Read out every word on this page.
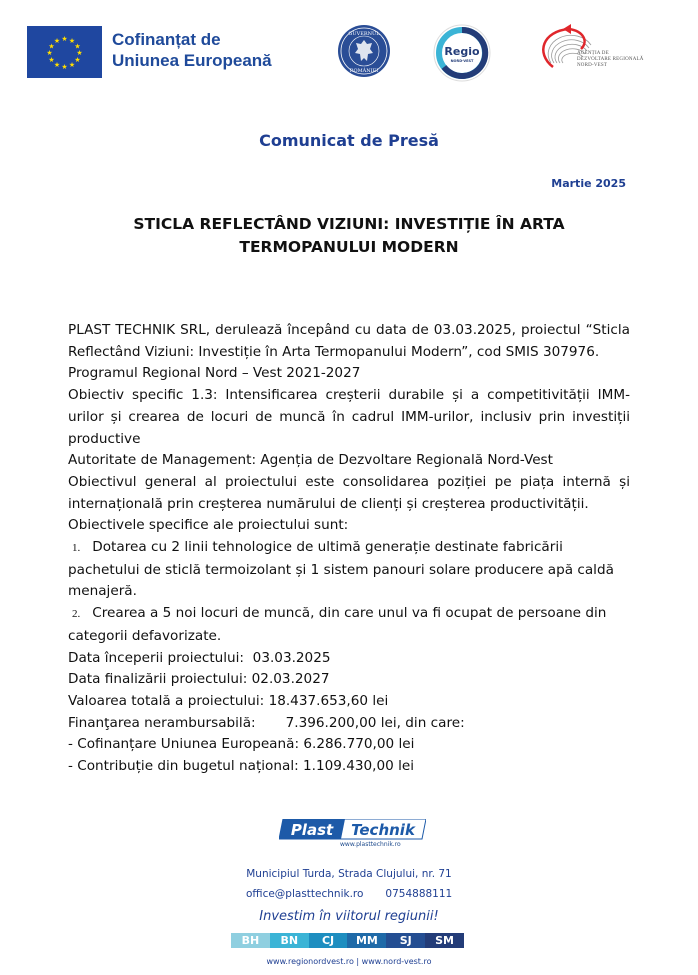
★ ★
★
★
★
★
★
★
★
★
★
★	Cofinanțat de
Uniunea Europeană
GUVERNUL
ROMÂNIEI
Regio
NORD-VEST
AGENȚIA DE
DEZVOLTARE REGIONALĂ
NORD-VEST
Comunicat de Presă
Martie 2025
STICLA REFLECTÂND VIZIUNI: INVESTIȚIE ÎN ARTA
TERMOPANULUI MODERN

PLAST TECHNIK SRL, derulează începând cu data de 03.03.2025, proiectul “Sticla Reflectând Viziuni: Investiție în Arta Termopanului Modern”, cod SMIS 307976.

Programul Regional Nord – Vest 2021-2027

Obiectiv specific 1.3: Intensificarea creșterii durabile și a competitivității IMM-urilor și crearea de locuri de muncă în cadrul IMM-urilor, inclusiv prin investiții productive

Autoritate de Management: Agenția de Dezvoltare Regională Nord-Vest

Obiectivul general al proiectului este consolidarea poziției pe piața internă și internațională prin creșterea numărului de clienți și creșterea productivității.

Obiectivele specifice ale proiectului sunt:

1. Dotarea cu 2 linii tehnologice de ultimă generație destinate fabricării pachetului de sticlă termoizolant și 1 sistem panouri solare producere apă caldă menajeră.

2. Crearea a 5 noi locuri de muncă, din care unul va fi ocupat de persoane din categorii defavorizate.

Data începerii proiectului: 03.03.2025

Data finalizării proiectului: 02.03.2027

Valoarea totală a proiectului: 18.437.653,60 lei

Finanţarea nerambursabilă: 7.396.200,00 lei, din care:

- Cofinanțare Uniunea Europeană: 6.286.770,00 lei

- Contribuție din bugetul național: 1.109.430,00 lei

Plast Technik
www.plasttechnik.ro
Municipiul Turda, Strada Clujului, nr. 71
office@plasttechnik.ro 0754888111
Investim în viitorul regiunii!
BH	BN	CJ	MM	SJ	SM
www.regionordvest.ro | www.nord-vest.ro
